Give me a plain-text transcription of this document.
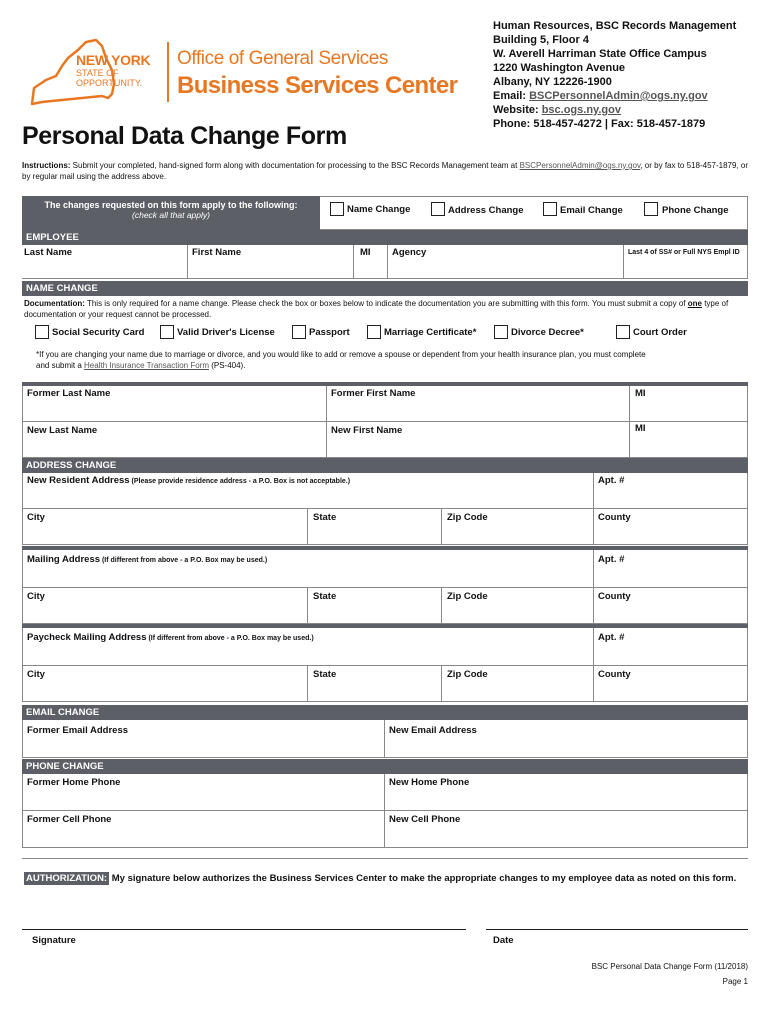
NEW YORK
STATE OF
OPPORTUNITY.
Office of General Services
Business Services Center
Human Resources, BSC Records Management
Building 5, Floor 4
W. Averell Harriman State Office Campus
1220 Washington Avenue
Albany, NY 12226-1900
Email: BSCPersonnelAdmin@ogs.ny.gov
Website: bsc.ogs.ny.gov
Phone: 518-457-4272 | Fax: 518-457-1879
Personal Data Change Form
Instructions: Submit your completed, hand-signed form along with documentation for processing to the BSC Records Management team at BSCPersonnelAdmin@ogs.ny.gov, or by fax to 518-457-1879, or by regular mail using the address above.
The changes requested on this form apply to the following:
(check all that apply)	Name Change	Address Change	Email Change	Phone Change
EMPLOYEE
Last Name	First Name	MI Agency	Last 4 of SS# or Full NYS Empl ID
NAME CHANGE
Documentation: This is only required for a name change. Please check the box or boxes below to indicate the documentation you are submitting with this form. You must submit a copy of one type of documentation or your request cannot be processed.
Social Security Card	Valid Driver's License	Passport	Marriage Certificate*	Divorce Decree*	Court Order
*If you are changing your name due to marriage or divorce, and you would like to add or remove a spouse or dependent from your health insurance plan, you must complete
and submit a Health Insurance Transaction Form (PS-404).
Former Last Name	Former First Name	MI
New Last Name	New First Name	MI
ADDRESS CHANGE
New Resident Address (Please provide residence address - a P.O. Box is not acceptable.)	Apt. #
City	State	Zip Code	County
Mailing Address (If different from above - a P.O. Box may be used.)	Apt. #
City	State	Zip Code	County
Paycheck Mailing Address (If different from above - a P.O. Box may be used.)	Apt. #
City	State	Zip Code	County
EMAIL CHANGE
Former Email Address	New Email Address
PHONE CHANGE
Former Home Phone	New Home Phone
Former Cell Phone	New Cell Phone
AUTHORIZATION: My signature below authorizes the Business Services Center to make the appropriate changes to my employee data as noted on this form.
Signature	Date
BSC Personal Data Change Form (11/2018)
Page 1
